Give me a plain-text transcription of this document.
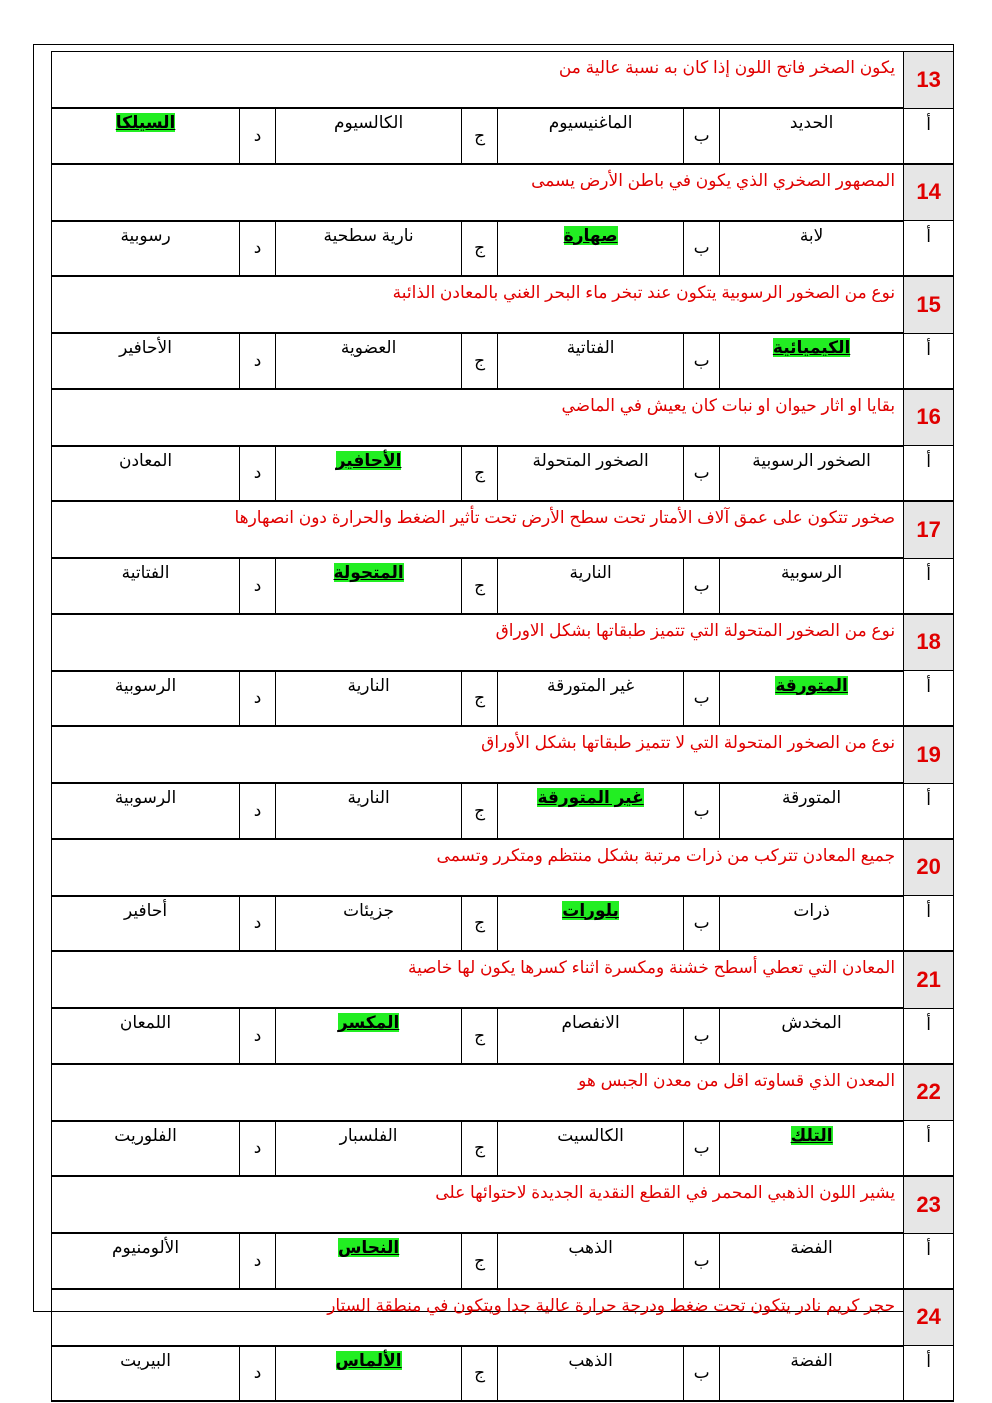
13	يكون الصخر فاتح اللون إذا كان به نسبة عالية من						
أ	الحديد	ب	الماغنيسيوم	ج	الكالسيوم	د	السيلكا
14	المصهور الصخري الذي يكون في باطن الأرض يسمى						
أ	لابة	ب	صهارة	ج	نارية سطحية	د	رسوبية
15	نوع من الصخور الرسوبية يتكون عند تبخر ماء البحر الغني بالمعادن الذائبة						
أ	الكيميائية	ب	الفتاتية	ج	العضوية	د	الأحافير
16	بقايا او اثار حيوان او نبات كان يعيش في الماضي						
أ	الصخور الرسوبية	ب	الصخور المتحولة	ج	الأحافير	د	المعادن
17	صخور تتكون على عمق آلاف الأمتار تحت سطح الأرض تحت تأثير الضغط والحرارة دون انصهارها						
أ	الرسوبية	ب	النارية	ج	المتحولة	د	الفتاتية
18	نوع من الصخور المتحولة التي تتميز طبقاتها بشكل الاوراق						
أ	المتورقة	ب	غير المتورقة	ج	النارية	د	الرسوبية
19	نوع من الصخور المتحولة التي لا تتميز طبقاتها بشكل الأوراق						
أ	المتورقة	ب	غير المتورقة	ج	النارية	د	الرسوبية
20	جميع المعادن تتركب من ذرات مرتبة بشكل منتظم ومتكرر وتسمى						
أ	ذرات	ب	بلورات	ج	جزيئات	د	أحافير
21	المعادن التي تعطي أسطح خشنة ومكسرة اثناء كسرها يكون لها خاصية						
أ	المخدش	ب	الانفصام	ج	المكسر	د	اللمعان
22	المعدن الذي قساوته اقل من معدن الجبس هو						
أ	التلك	ب	الكالسيت	ج	الفلسبار	د	الفلوريت
23	يشير اللون الذهبي المحمر في القطع النقدية الجديدة لاحتوائها على						
أ	الفضة	ب	الذهب	ج	النحاس	د	الألومنيوم
24	حجر كريم نادر يتكون تحت ضغط ودرجة حرارة عالية جدا ويتكون في منطقة الستار						
أ	الفضة	ب	الذهب	ج	الألماس	د	البيريت
